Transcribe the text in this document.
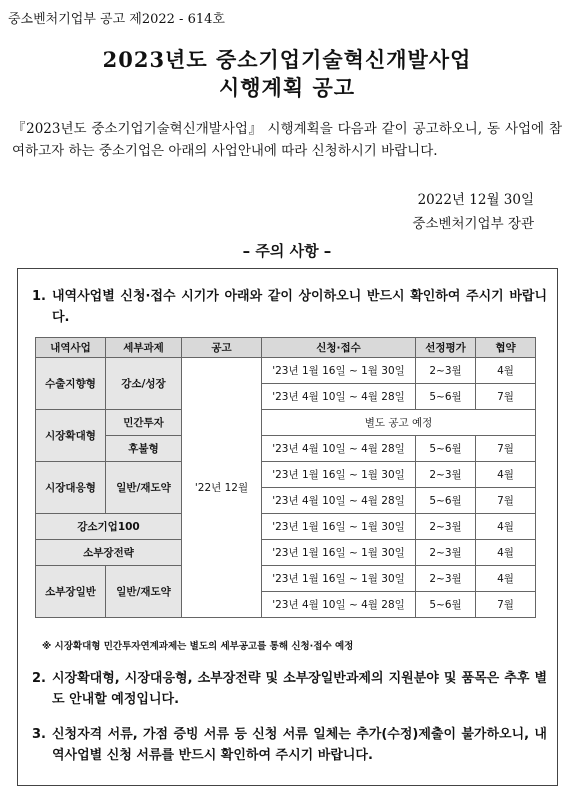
중소벤처기업부 공고 제2022 - 614호
2023년도 중소기업기술혁신개발사업
시행계획 공고
『2023년도 중소기업기술혁신개발사업』 시행계획을 다음과 같이 공고하오니, 동 사업에 참여하고자 하는 중소기업은 아래의 사업안내에 따라 신청하시기 바랍니다.
2022년 12월 30일
중소벤처기업부 장관
– 주의 사항 –
1. 내역사업별 신청·접수 시기가 아래와 같이 상이하오니 반드시 확인하여 주시기 바랍니다.
내역사업	세부과제	공고	신청·접수	선정평가	협약
수출지향형	강소/성장	'22년 12월	'23년 1월 16일 ~ 1월 30일	2~3월	4월
			'23년 4월 10일 ~ 4월 28일	5~6월	7월
시장확대형	민간투자		별도 공고 예정		
	후불형		'23년 4월 10일 ~ 4월 28일	5~6월	7월
시장대응형	일반/재도약		'23년 1월 16일 ~ 1월 30일	2~3월	4월
			'23년 4월 10일 ~ 4월 28일	5~6월	7월
강소기업100			'23년 1월 16일 ~ 1월 30일	2~3월	4월
소부장전략			'23년 1월 16일 ~ 1월 30일	2~3월	4월
소부장일반	일반/재도약		'23년 1월 16일 ~ 1월 30일	2~3월	4월
			'23년 4월 10일 ~ 4월 28일	5~6월	7월
※ 시장확대형 민간투자연계과제는 별도의 세부공고를 통해 신청·접수 예정
2. 시장확대형, 시장대응형, 소부장전략 및 소부장일반과제의 지원분야 및 품목은 추후 별도 안내할 예정입니다.
3. 신청자격 서류, 가점 증빙 서류 등 신청 서류 일체는 추가(수정)제출이 불가하오니, 내역사업별 신청 서류를 반드시 확인하여 주시기 바랍니다.
